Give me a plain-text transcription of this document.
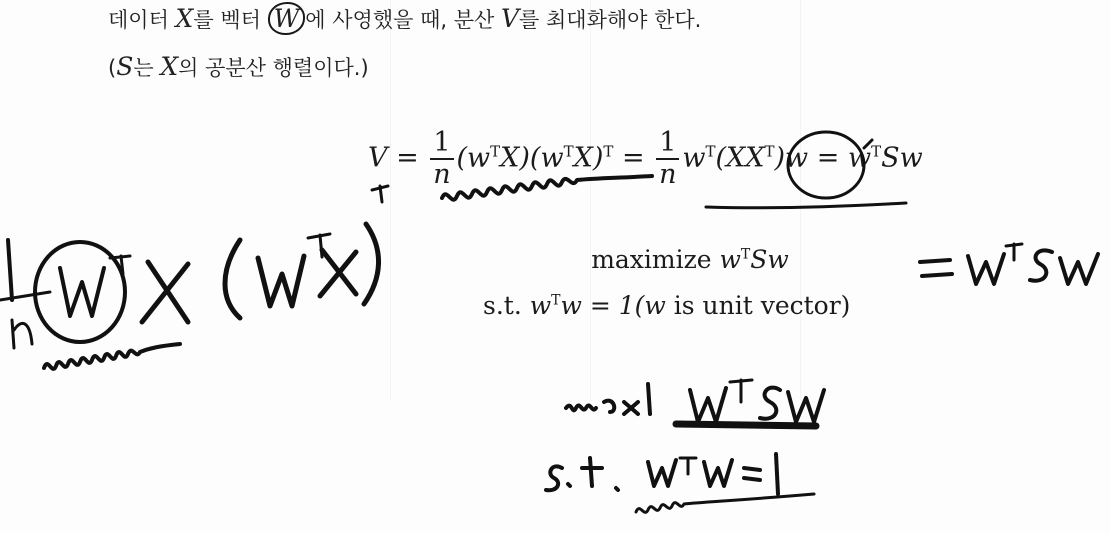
데이터 X를 벡터 W 에 사영했을 때, 분산 V를 최대화해야 한다.
(S는 X의 공분산 행렬이다.)
$V = \frac{1}{n} (w^TX)(w^TX)^T = \frac{1}{n} w^T(XX^T)w = w^TSw$
maximize $w^TSw$
s.t. $w^Tw = 1(w$ is unit vector)
